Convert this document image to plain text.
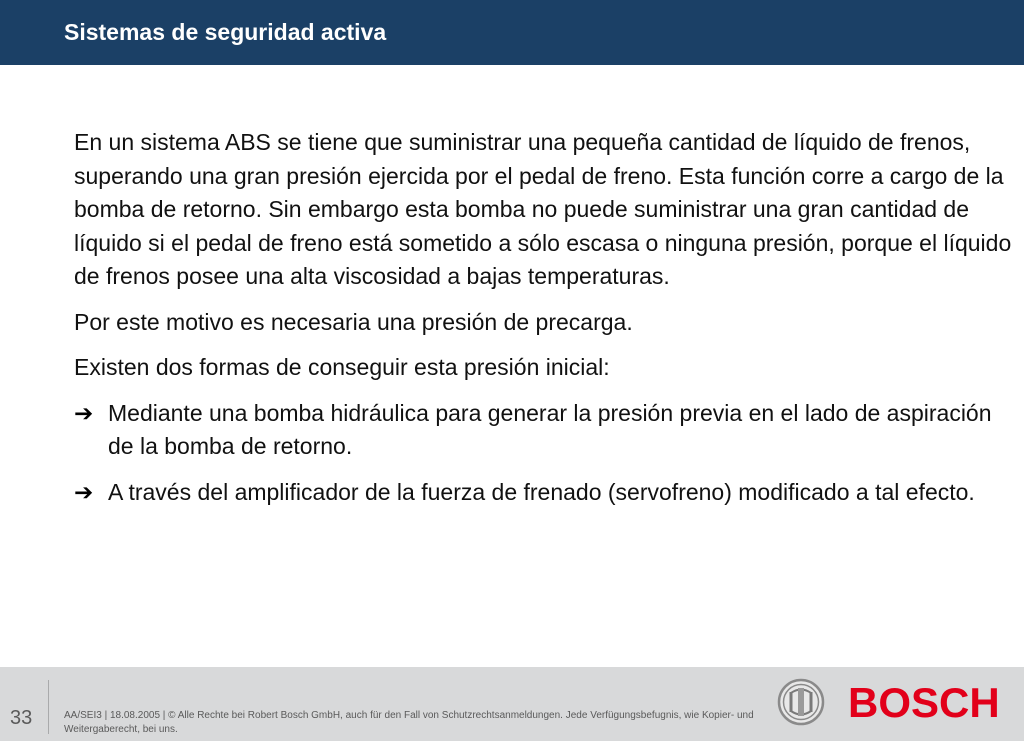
Sistemas de seguridad activa

En un sistema ABS se tiene que suministrar una pequeña cantidad de líquido de frenos, superando una gran presión ejercida por el pedal de freno. Esta función corre a cargo de la bomba de retorno. Sin embargo esta bomba no puede suministrar una gran cantidad de líquido si el pedal de freno está sometido a sólo escasa o ninguna presión, porque el líquido de frenos posee una alta viscosidad a bajas temperaturas.

Por este motivo es necesaria una presión de precarga.

Existen dos formas de conseguir esta presión inicial:

➔ Mediante una bomba hidráulica para generar la presión previa en el lado de aspiración de la bomba de retorno.
➔ A través del amplificador de la fuerza de frenado (servofreno) modificado a tal efecto.
33	AA/SEI3 | 18.08.2005 | © Alle Rechte bei Robert Bosch GmbH, auch für den Fall von Schutzrechtsanmeldungen. Jede Verfügungsbefugnis, wie Kopier- und Weitergaberecht, bei uns.
BOSCH
